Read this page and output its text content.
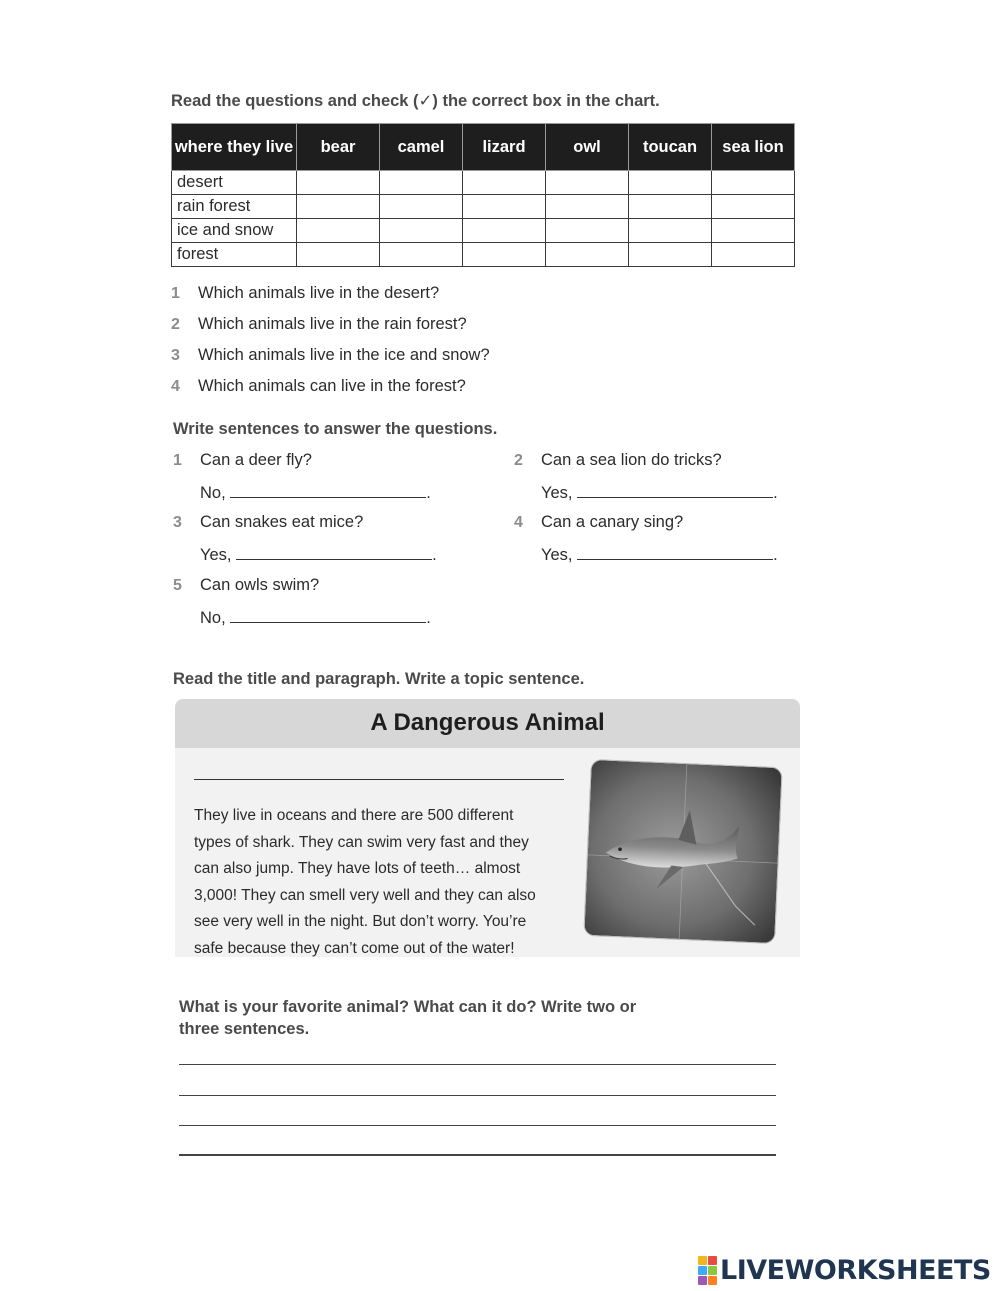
Read the questions and check (✓) the correct box in the chart.
where they live	bear	camel	lizard	owl	toucan	sea lion
desert						
rain forest						
ice and snow						
forest						
1	Which animals live in the desert?
2	Which animals live in the rain forest?
3	Which animals live in the ice and snow?
4	Which animals can live in the forest?
Write sentences to answer the questions.
1	Can a deer fly?
No,	.
2	Can a sea lion do tricks?
Yes,	.
3	Can snakes eat mice?
Yes,	.
4	Can a canary sing?
Yes,	.
5	Can owls swim?
No,	.
Read the title and paragraph. Write a topic sentence.
A Dangerous Animal
They live in oceans and there are 500 different
types of shark. They can swim very fast and they
can also jump. They have lots of teeth… almost
3,000! They can smell very well and they can also
see very well in the night. But don’t worry. You’re
safe because they can’t come out of the water!
What is your favorite animal? What can it do? Write two or
three sentences.
LIVEWORKSHEETS
